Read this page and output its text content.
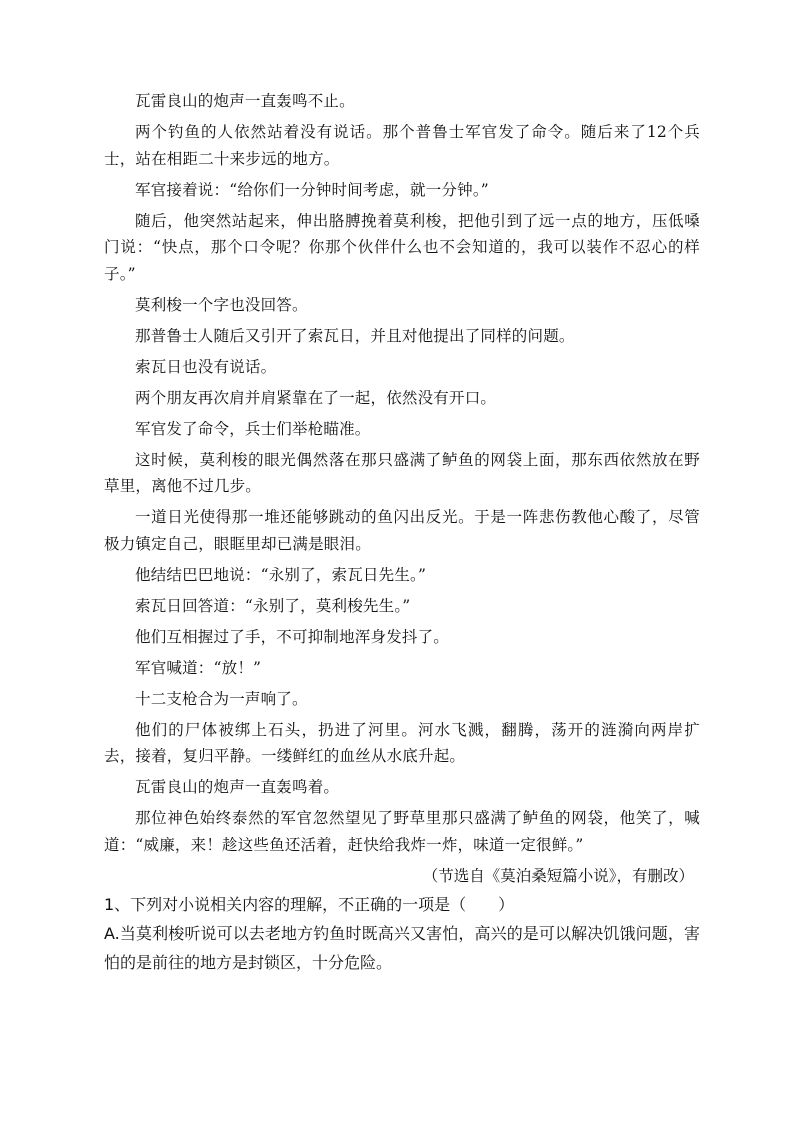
瓦雷良山的炮声一直轰鸣不止。

两个钓鱼的人依然站着没有说话。那个普鲁士军官发了命令。随后来了12个兵士，站在相距二十来步远的地方。

军官接着说：“给你们一分钟时间考虑，就一分钟。”

随后，他突然站起来，伸出胳膊挽着莫利梭，把他引到了远一点的地方，压低嗓门说：“快点，那个口令呢？你那个伙伴什么也不会知道的，我可以装作不忍心的样子。”

莫利梭一个字也没回答。

那普鲁士人随后又引开了索瓦日，并且对他提出了同样的问题。

索瓦日也没有说话。

两个朋友再次肩并肩紧靠在了一起，依然没有开口。

军官发了命令，兵士们举枪瞄准。

这时候，莫利梭的眼光偶然落在那只盛满了鲈鱼的网袋上面，那东西依然放在野草里，离他不过几步。

一道日光使得那一堆还能够跳动的鱼闪出反光。于是一阵悲伤教他心酸了，尽管极力镇定自己，眼眶里却已满是眼泪。

他结结巴巴地说：“永别了，索瓦日先生。”

索瓦日回答道：“永别了，莫利梭先生。”

他们互相握过了手，不可抑制地浑身发抖了。

军官喊道：“放！”

十二支枪合为一声响了。

他们的尸体被绑上石头，扔进了河里。河水飞溅，翻腾，荡开的涟漪向两岸扩去，接着，复归平静。一缕鲜红的血丝从水底升起。

瓦雷良山的炮声一直轰鸣着。

那位神色始终泰然的军官忽然望见了野草里那只盛满了鲈鱼的网袋，他笑了，喊道：“威廉，来！趁这些鱼还活着，赶快给我炸一炸，味道一定很鲜。”

（节选自《莫泊桑短篇小说》，有删改）

1、下列对小说相关内容的理解，不正确的一项是（　　）

A.当莫利梭听说可以去老地方钓鱼时既高兴又害怕，高兴的是可以解决饥饿问题，害怕的是前往的地方是封锁区，十分危险。
